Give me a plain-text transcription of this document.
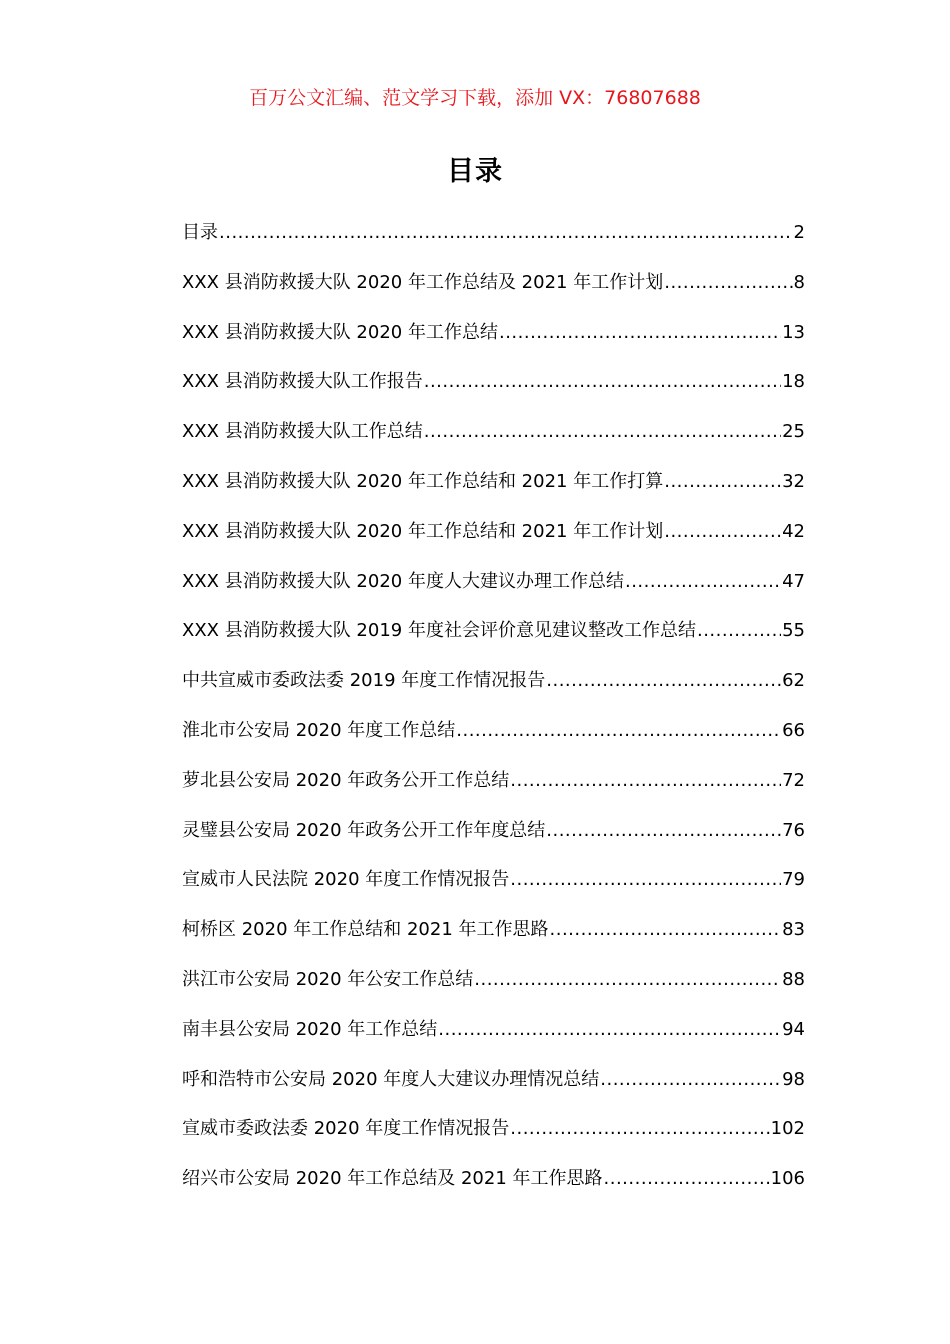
百万公文汇编、范文学习下载，添加 VX：76807688
目录
目录 .....	2
XXX 县消防救援大队 2020 年工作总结及 2021 年工作计划 .....	8
XXX 县消防救援大队 2020 年工作总结 .....	13
XXX 县消防救援大队工作报告 .....	18
XXX 县消防救援大队工作总结 .....	25
XXX 县消防救援大队 2020 年工作总结和 2021 年工作打算 .....	32
XXX 县消防救援大队 2020 年工作总结和 2021 年工作计划 .....	42
XXX 县消防救援大队 2020 年度人大建议办理工作总结 .....	47
XXX 县消防救援大队 2019 年度社会评价意见建议整改工作总结 .....	55
中共宣威市委政法委 2019 年度工作情况报告 .....	62
淮北市公安局 2020 年度工作总结 .....	66
萝北县公安局 2020 年政务公开工作总结 .....	72
灵璧县公安局 2020 年政务公开工作年度总结 .....	76
宣威市人民法院 2020 年度工作情况报告 .....	79
柯桥区 2020 年工作总结和 2021 年工作思路 .....	83
洪江市公安局 2020 年公安工作总结 .....	88
南丰县公安局 2020 年工作总结 .....	94
呼和浩特市公安局 2020 年度人大建议办理情况总结 .....	98
宣威市委政法委 2020 年度工作情况报告 .....	102
绍兴市公安局 2020 年工作总结及 2021 年工作思路 .....	106
